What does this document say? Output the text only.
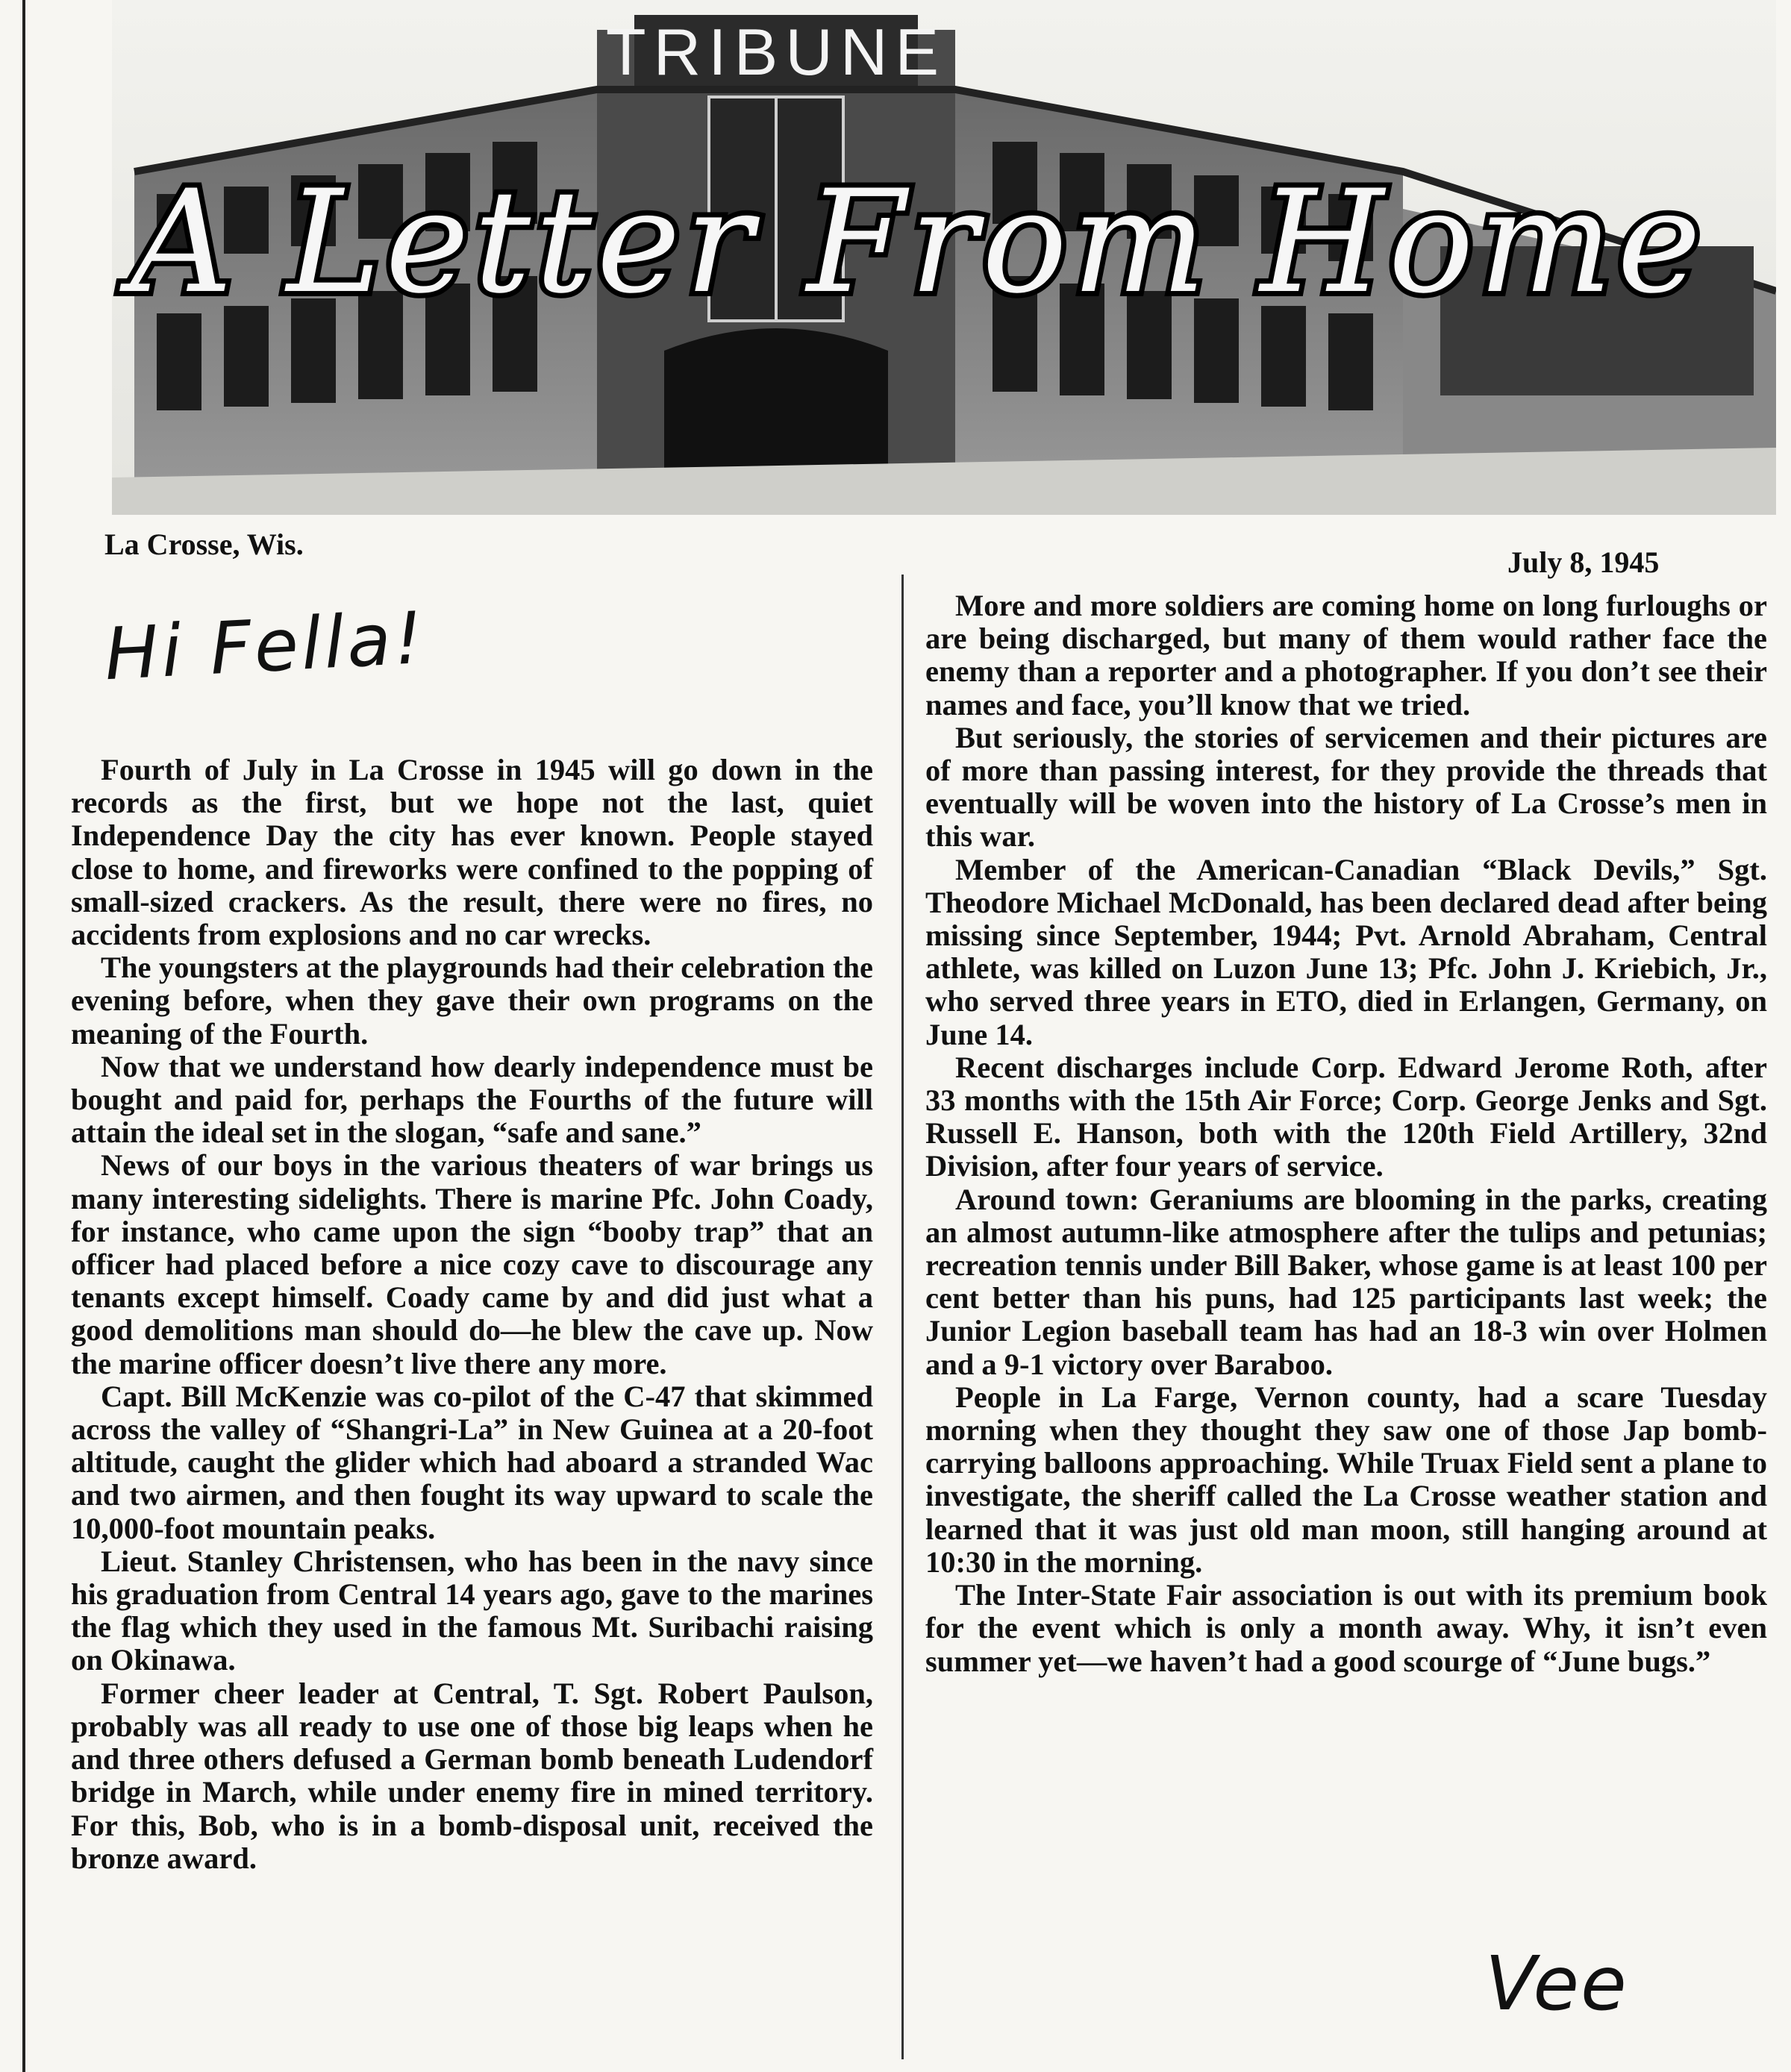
TRIBUNE
A Letter From Home
La Crosse, Wis.
July 8, 1945
Hi Fella!

Fourth of July in La Crosse in 1945 will go down in the records as the first, but we hope not the last, quiet Independence Day the city has ever known. People stayed close to home, and fireworks were confined to the popping of small-sized crackers. As the result, there were no fires, no accidents from explosions and no car wrecks.

The youngsters at the playgrounds had their celebration the evening before, when they gave their own programs on the meaning of the Fourth.

Now that we understand how dearly independence must be bought and paid for, perhaps the Fourths of the future will attain the ideal set in the slogan, “safe and sane.”

News of our boys in the various theaters of war brings us many interesting sidelights. There is marine Pfc. John Coady, for instance, who came upon the sign “booby trap” that an officer had placed before a nice cozy cave to discourage any tenants except himself. Coady came by and did just what a good demolitions man should do—he blew the cave up. Now the marine officer doesn’t live there any more.

Capt. Bill McKenzie was co-pilot of the C-47 that skimmed across the valley of “Shangri-La” in New Guinea at a 20-foot altitude, caught the glider which had aboard a stranded Wac and two airmen, and then fought its way upward to scale the 10,000-foot mountain peaks.

Lieut. Stanley Christensen, who has been in the navy since his graduation from Central 14 years ago, gave to the marines the flag which they used in the famous Mt. Suribachi raising on Okinawa.

Former cheer leader at Central, T. Sgt. Robert Paulson, probably was all ready to use one of those big leaps when he and three others defused a German bomb beneath Ludendorf bridge in March, while under enemy fire in mined territory. For this, Bob, who is in a bomb-disposal unit, received the bronze award.

More and more soldiers are coming home on long furloughs or are being discharged, but many of them would rather face the enemy than a reporter and a photographer. If you don’t see their names and face, you’ll know that we tried.

But seriously, the stories of servicemen and their pictures are of more than passing interest, for they provide the threads that eventually will be woven into the history of La Crosse’s men in this war.

Member of the American-Canadian “Black Devils,” Sgt. Theodore Michael McDonald, has been declared dead after being missing since September, 1944; Pvt. Arnold Abraham, Central athlete, was killed on Luzon June 13; Pfc. John J. Kriebich, Jr., who served three years in ETO, died in Erlangen, Germany, on June 14.

Recent discharges include Corp. Edward Jerome Roth, after 33 months with the 15th Air Force; Corp. George Jenks and Sgt. Russell E. Hanson, both with the 120th Field Artillery, 32nd Division, after four years of service.

Around town: Geraniums are blooming in the parks, creating an almost autumn-like atmosphere after the tulips and petunias; recreation tennis under Bill Baker, whose game is at least 100 per cent better than his puns, had 125 participants last week; the Junior Legion baseball team has had an 18-3 win over Holmen and a 9-1 victory over Baraboo.

People in La Farge, Vernon county, had a scare Tuesday morning when they thought they saw one of those Jap bomb-carrying balloons approaching. While Truax Field sent a plane to investigate, the sheriff called the La Crosse weather station and learned that it was just old man moon, still hanging around at 10:30 in the morning.

The Inter-State Fair association is out with its premium book for the event which is only a month away. Why, it isn’t even summer yet—we haven’t had a good scourge of “June bugs.”

Vee
